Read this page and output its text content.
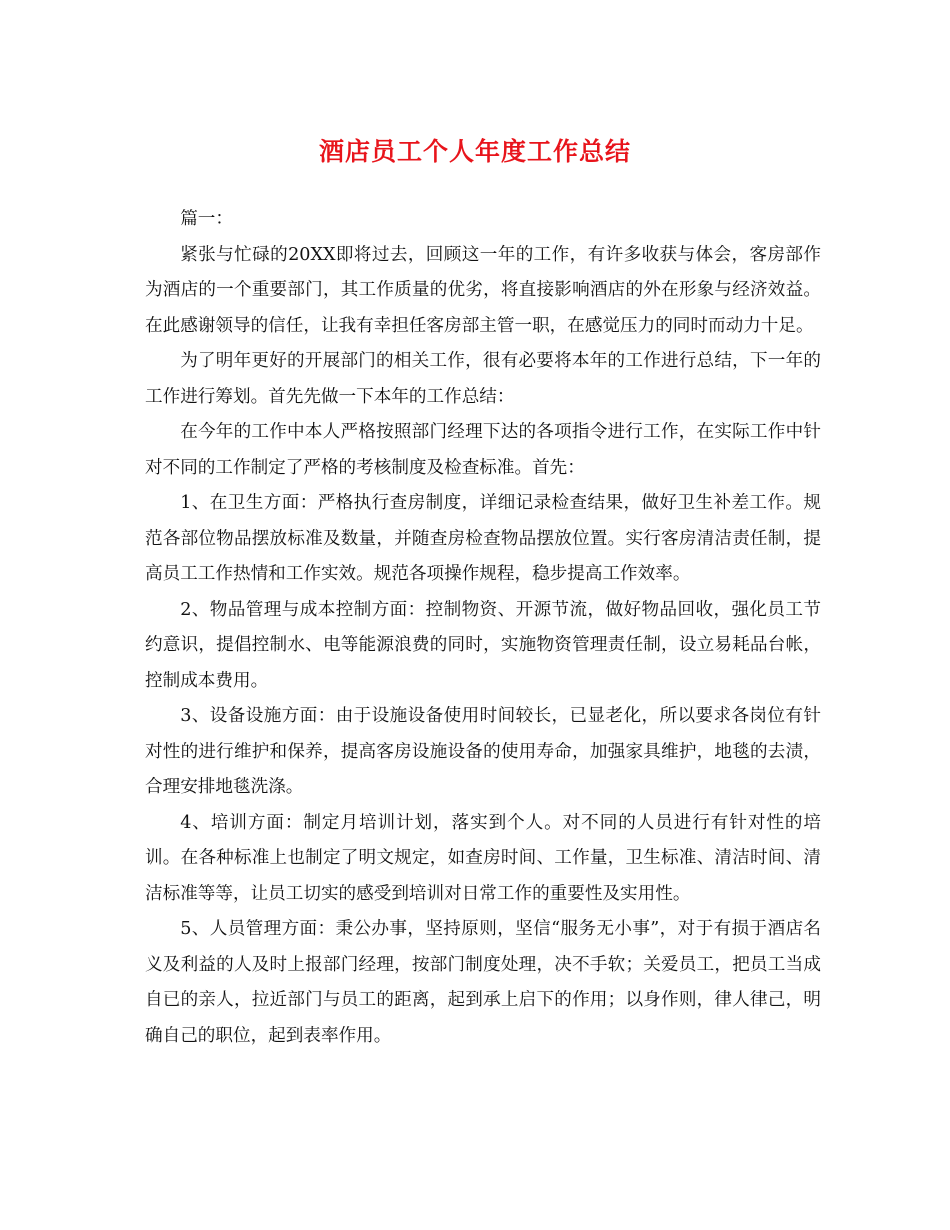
酒店员工个人年度工作总结

篇一：

紧张与忙碌的20XX即将过去，回顾这一年的工作，有许多收获与体会，客房部作为酒店的一个重要部门，其工作质量的优劣，将直接影响酒店的外在形象与经济效益。在此感谢领导的信任，让我有幸担任客房部主管一职，在感觉压力的同时而动力十足。

为了明年更好的开展部门的相关工作，很有必要将本年的工作进行总结，下一年的工作进行筹划。首先先做一下本年的工作总结：

在今年的工作中本人严格按照部门经理下达的各项指令进行工作，在实际工作中针对不同的工作制定了严格的考核制度及检查标准。首先：

1、在卫生方面：严格执行查房制度，详细记录检查结果，做好卫生补差工作。规范各部位物品摆放标准及数量，并随查房检查物品摆放位置。实行客房清洁责任制，提高员工工作热情和工作实效。规范各项操作规程，稳步提高工作效率。

2、物品管理与成本控制方面：控制物资、开源节流，做好物品回收，强化员工节约意识，提倡控制水、电等能源浪费的同时，实施物资管理责任制，设立易耗品台帐，控制成本费用。

3、设备设施方面：由于设施设备使用时间较长，已显老化，所以要求各岗位有针对性的进行维护和保养，提高客房设施设备的使用寿命，加强家具维护，地毯的去渍，合理安排地毯洗涤。

4、培训方面：制定月培训计划，落实到个人。对不同的人员进行有针对性的培训。在各种标准上也制定了明文规定，如查房时间、工作量，卫生标准、清洁时间、清洁标准等等，让员工切实的感受到培训对日常工作的重要性及实用性。

5、人员管理方面：秉公办事，坚持原则，坚信“服务无小事”，对于有损于酒店名义及利益的人及时上报部门经理，按部门制度处理，决不手软；关爱员工，把员工当成自已的亲人，拉近部门与员工的距离，起到承上启下的作用；以身作则，律人律己，明确自己的职位，起到表率作用。
